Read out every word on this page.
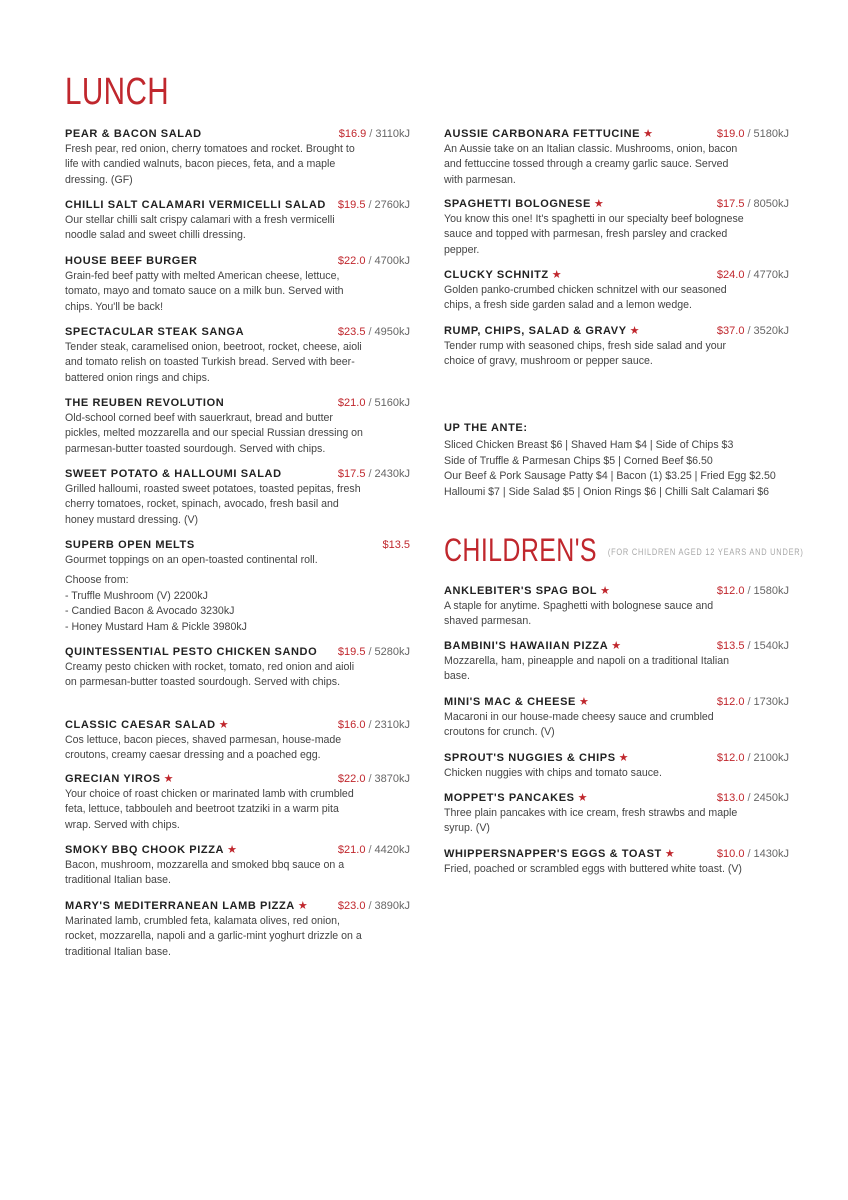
LUNCH
PEAR & BACON SALAD	$16.9 / 3110kJ
Fresh pear, red onion, cherry tomatoes and rocket. Brought to life with candied walnuts, bacon pieces, feta, and a maple dressing. (GF)
CHILLI SALT CALAMARI VERMICELLI SALAD $19.5 / 2760kJ
Our stellar chilli salt crispy calamari with a fresh vermicelli noodle salad and sweet chilli dressing.
HOUSE BEEF BURGER	$22.0 / 4700kJ
Grain-fed beef patty with melted American cheese, lettuce, tomato, mayo and tomato sauce on a milk bun. Served with chips. You'll be back!
SPECTACULAR STEAK SANGA	$23.5 / 4950kJ
Tender steak, caramelised onion, beetroot, rocket, cheese, aioli and tomato relish on toasted Turkish bread. Served with beer-battered onion rings and chips.
THE REUBEN REVOLUTION	$21.0 / 5160kJ
Old-school corned beef with sauerkraut, bread and butter pickles, melted mozzarella and our special Russian dressing on parmesan-butter toasted sourdough. Served with chips.
SWEET POTATO & HALLOUMI SALAD	$17.5 / 2430kJ
Grilled halloumi, roasted sweet potatoes, toasted pepitas, fresh cherry tomatoes, rocket, spinach, avocado, fresh basil and honey mustard dressing. (V)
SUPERB OPEN MELTS	$13.5
Gourmet toppings on an open-toasted continental roll.
Choose from:
- Truffle Mushroom (V) 2200kJ
- Candied Bacon & Avocado 3230kJ
- Honey Mustard Ham & Pickle 3980kJ
QUINTESSENTIAL PESTO CHICKEN SANDO $19.5 / 5280kJ
Creamy pesto chicken with rocket, tomato, red onion and aioli on parmesan-butter toasted sourdough. Served with chips.
CLASSIC CAESAR SALAD ★	$16.0 / 2310kJ
Cos lettuce, bacon pieces, shaved parmesan, house-made croutons, creamy caesar dressing and a poached egg.
GRECIAN YIROS ★	$22.0 / 3870kJ
Your choice of roast chicken or marinated lamb with crumbled feta, lettuce, tabbouleh and beetroot tzatziki in a warm pita wrap. Served with chips.
SMOKY BBQ CHOOK PIZZA ★	$21.0 / 4420kJ
Bacon, mushroom, mozzarella and smoked bbq sauce on a traditional Italian base.
MARY'S MEDITERRANEAN LAMB PIZZA ★	$23.0 / 3890kJ
Marinated lamb, crumbled feta, kalamata olives, red onion, rocket, mozzarella, napoli and a garlic-mint yoghurt drizzle on a traditional Italian base.
AUSSIE CARBONARA FETTUCINE ★	$19.0 / 5180kJ
An Aussie take on an Italian classic. Mushrooms, onion, bacon and fettuccine tossed through a creamy garlic sauce. Served with parmesan.
SPAGHETTI BOLOGNESE ★	$17.5 / 8050kJ
You know this one! It's spaghetti in our specialty beef bolognese sauce and topped with parmesan, fresh parsley and cracked pepper.
CLUCKY SCHNITZ ★	$24.0 / 4770kJ
Golden panko-crumbed chicken schnitzel with our seasoned chips, a fresh side garden salad and a lemon wedge.
RUMP, CHIPS, SALAD & GRAVY ★	$37.0 / 3520kJ
Tender rump with seasoned chips, fresh side salad and your choice of gravy, mushroom or pepper sauce.
UP THE ANTE:
Sliced Chicken Breast $6 | Shaved Ham $4 | Side of Chips $3
Side of Truffle & Parmesan Chips $5 | Corned Beef $6.50
Our Beef & Pork Sausage Patty $4 | Bacon (1) $3.25 | Fried Egg $2.50
Halloumi $7 | Side Salad $5 | Onion Rings $6 | Chilli Salt Calamari $6
CHILDREN'S (FOR CHILDREN AGED 12 YEARS AND UNDER)
ANKLEBITER'S SPAG BOL ★	$12.0 / 1580kJ
A staple for anytime. Spaghetti with bolognese sauce and shaved parmesan.
BAMBINI'S HAWAIIAN PIZZA ★	$13.5 / 1540kJ
Mozzarella, ham, pineapple and napoli on a traditional Italian base.
MINI'S MAC & CHEESE ★	$12.0 / 1730kJ
Macaroni in our house-made cheesy sauce and crumbled croutons for crunch. (V)
SPROUT'S NUGGIES & CHIPS ★	$12.0 / 2100kJ
Chicken nuggies with chips and tomato sauce.
MOPPET'S PANCAKES ★	$13.0 / 2450kJ
Three plain pancakes with ice cream, fresh strawbs and maple syrup. (V)
WHIPPERSNAPPER'S EGGS & TOAST ★	$10.0 / 1430kJ
Fried, poached or scrambled eggs with buttered white toast. (V)
